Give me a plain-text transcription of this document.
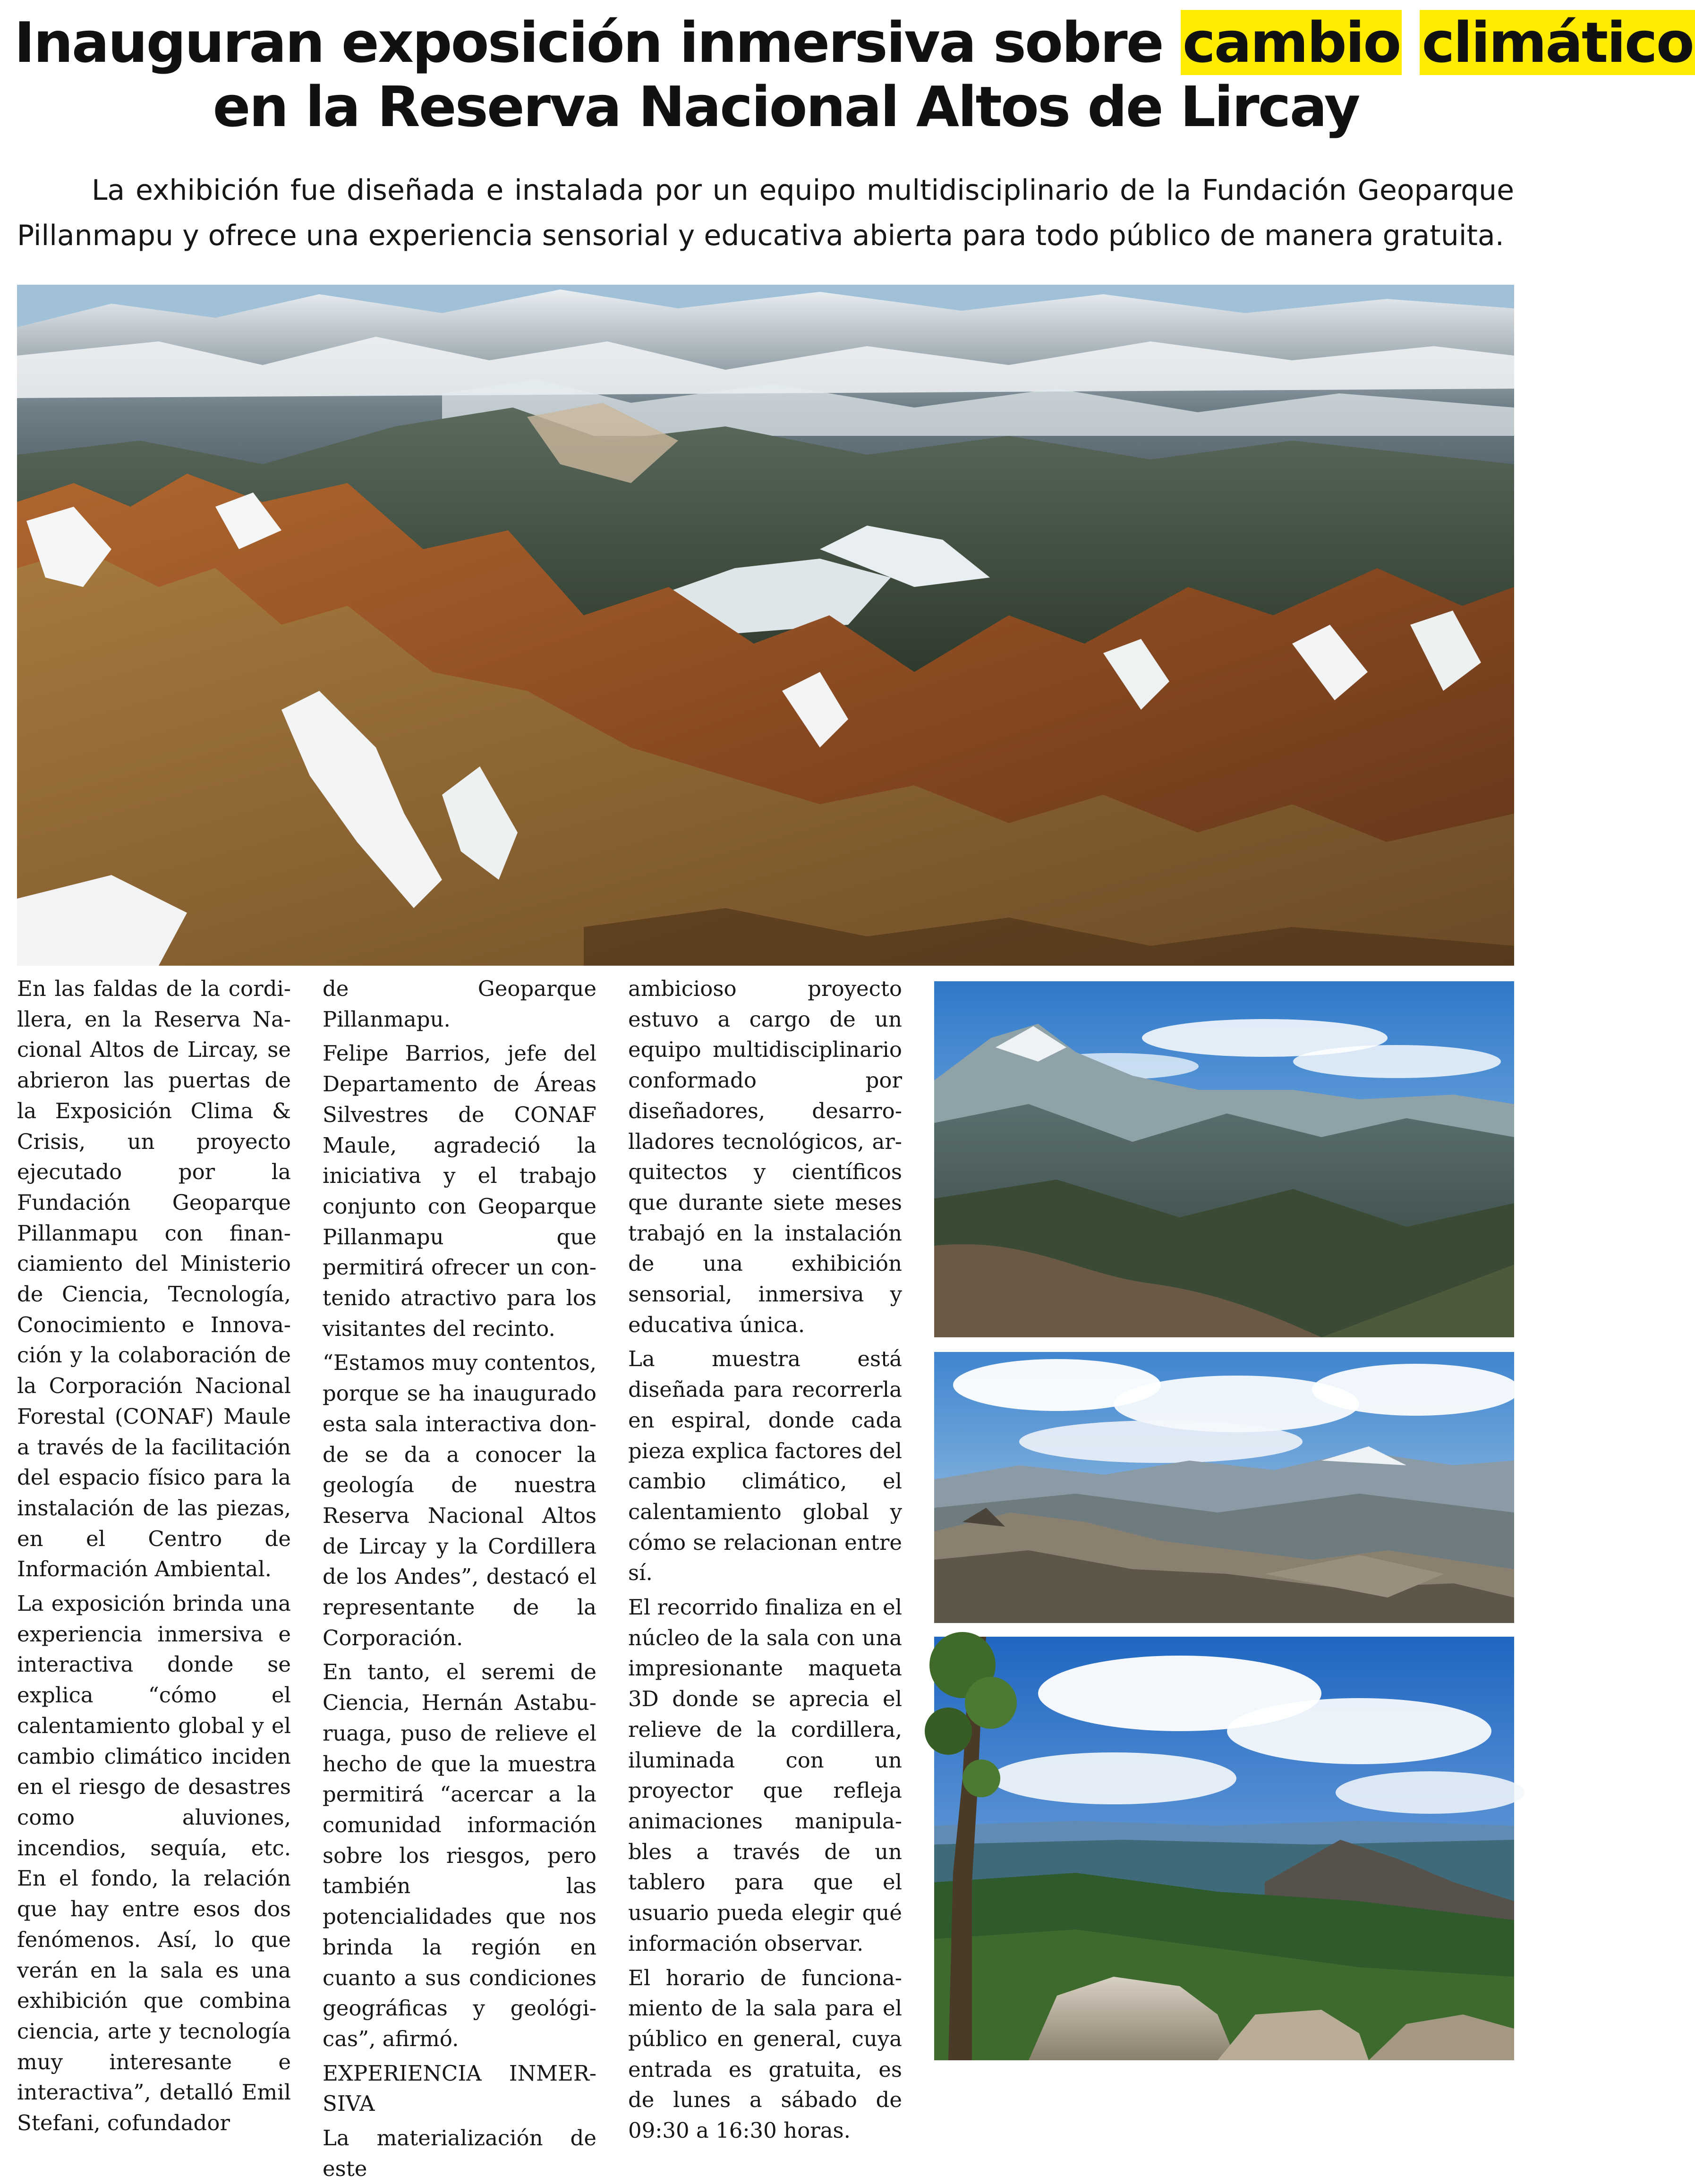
Inauguran exposición inmersiva sobre cambio climático
en la Reserva Nacional Altos de Lircay

La exhibición fue diseñada e instalada por un equipo multidisciplinario de la Fundación Geoparque Pillanmapu y ofrece una experiencia sensorial y educativa abierta para todo público de manera gratuita.

En las faldas de la cordillera, en la Reserva Nacional Altos de Lircay, se abrieron las puertas de la Exposición Clima & Crisis, un proyecto ejecutado por la Fundación Geoparque Pillanmapu con financiamiento del Ministerio de Ciencia, Tecnología, Conocimiento e Innovación y la colaboración de la Corporación Nacional Forestal (CONAF) Maule a través de la facilitación del espacio físico para la instalación de las piezas, en el Centro de Información Ambiental.

La exposición brinda una experiencia inmersiva e interactiva donde se explica “cómo el calentamiento global y el cambio climático inciden en el riesgo de desastres como aluviones, incendios, sequía, etc. En el fondo, la relación que hay entre esos dos fenómenos. Así, lo que verán en la sala es una exhibición que combina ciencia, arte y tecnología muy interesante e interactiva”, detalló Emil Stefani, cofundador

de Geoparque Pillanmapu.

Felipe Barrios, jefe del Departamento de Áreas Silvestres de CONAF Maule, agradeció la iniciativa y el trabajo conjunto con Geoparque Pillanmapu que permitirá ofrecer un contenido atractivo para los visitantes del recinto.

“Estamos muy contentos, porque se ha inaugurado esta sala interactiva donde se da a conocer la geología de nuestra Reserva Nacional Altos de Lircay y la Cordillera de los Andes”, destacó el representante de la Corporación.

En tanto, el seremi de Ciencia, Hernán Astaburuaga, puso de relieve el hecho de que la muestra permitirá “acercar a la comunidad información sobre los riesgos, pero también las potencialidades que nos brinda la región en cuanto a sus condiciones geográficas y geológicas”, afirmó.

EXPERIENCIA INMERSIVA

La materialización de este

ambicioso proyecto estuvo a cargo de un equipo multidisciplinario conformado por diseñadores, desarrolladores tecnológicos, arquitectos y científicos que durante siete meses trabajó en la instalación de una exhibición sensorial, inmersiva y educativa única.

La muestra está diseñada para recorrerla en espiral, donde cada pieza explica factores del cambio climático, el calentamiento global y cómo se relacionan entre sí.

El recorrido finaliza en el núcleo de la sala con una impresionante maqueta 3D donde se aprecia el relieve de la cordillera, iluminada con un proyector que refleja animaciones manipulables a través de un tablero para que el usuario pueda elegir qué información observar.

El horario de funcionamiento de la sala para el público en general, cuya entrada es gratuita, es de lunes a sábado de 09:30 a 16:30 horas.
